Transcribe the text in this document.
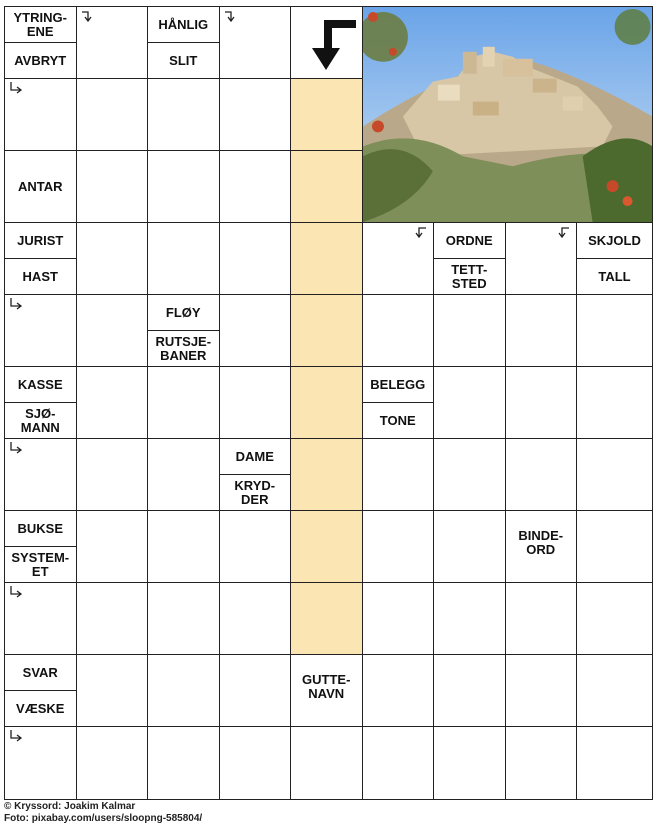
YTRING-
ENE
AVBRYT
HÅNLIG
SLIT
ANTAR
JURIST
HAST
ORDNE
TETT-
STED
SKJOLD
TALL
FLØY
RUTSJE-
BANER
KASSE
SJØ-
MANN
BELEGG
TONE
DAME
KRYD-
DER
BUKSE
SYSTEM-
ET
BINDE-
ORD
SVAR
VÆSKE
GUTTE-
NAVN
© Kryssord: Joakim Kalmar
Foto: pixabay.com/users/sloopng-585804/
